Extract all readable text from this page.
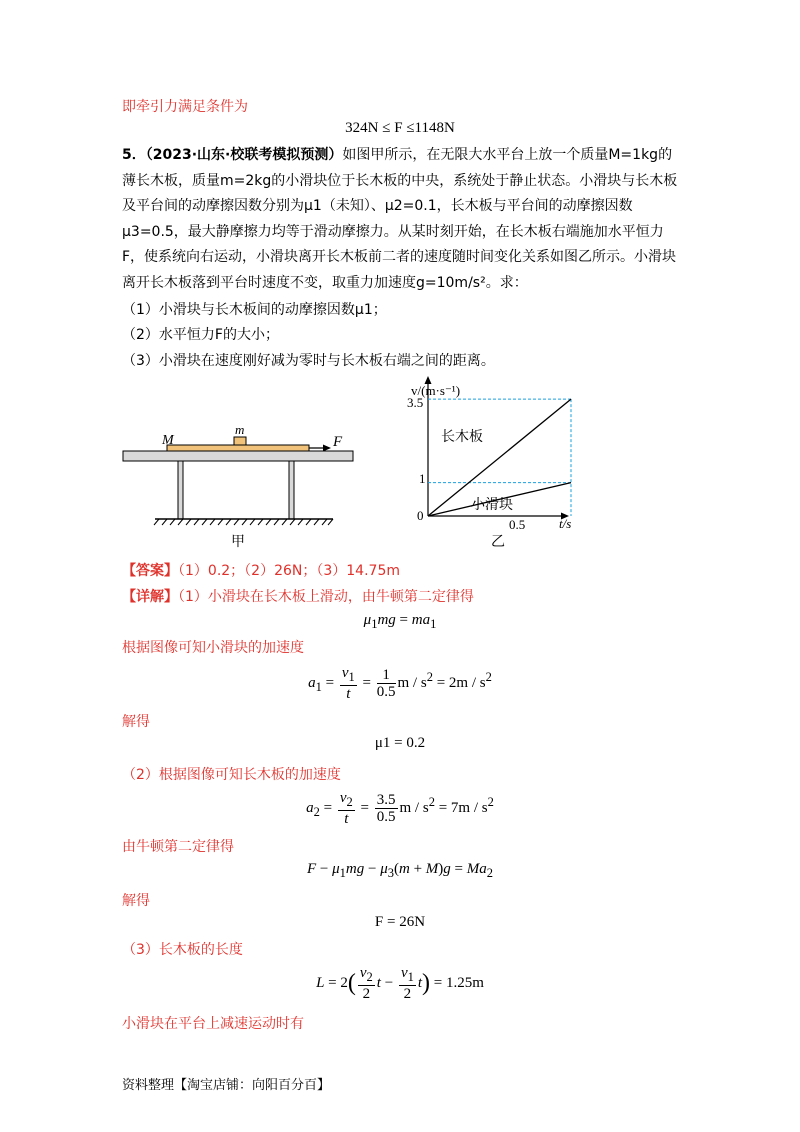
即牵引力满足条件为
324N ≤ F ≤1148N
5．（2023·山东·校联考模拟预测）如图甲所示，在无限大水平台上放一个质量M=1kg的薄长木板，质量m=2kg的小滑块位于长木板的中央，系统处于静止状态。小滑块与长木板及平台间的动摩擦因数分别为μ1（未知）、μ2=0.1，长木板与平台间的动摩擦因数μ3=0.5，最大静摩擦力均等于滑动摩擦力。从某时刻开始，在长木板右端施加水平恒力F，使系统向右运动，小滑块离开长木板前二者的速度随时间变化关系如图乙所示。小滑块离开长木板落到平台时速度不变，取重力加速度g=10m/s²。求：
（1）小滑块与长木板间的动摩擦因数μ1；
（2）水平恒力F的大小；
（3）小滑块在速度刚好减为零时与长木板右端之间的距离。
M
m
F
甲
v/(m·s⁻¹)
t/s
0
3.5
1
0.5
长木板
小滑块
乙
【答案】（1）0.2；（2）26N；（3）14.75m
【详解】（1）小滑块在长木板上滑动，由牛顿第二定律得
$\mu_1mg = ma_1$
根据图像可知小滑块的加速度
$a_1 = \frac{v_1}{t} = \frac{1}{0.5}$ $m / s^2 = 2m / s^2$
解得
μ1 = 0.2
（2）根据图像可知长木板的加速度
$a_2 = \frac{v_2}{t} = \frac{3.5}{0.5}$ $m / s^2 = 7m / s^2$
由牛顿第二定律得
$F - \mu_1mg - \mu_3(m + M)g = Ma_2$
解得
F = 26N
（3）长木板的长度
$L = 2( \frac{v_2}{2}$ $t - \frac{v_1}{2} t) = 1.25m$
小滑块在平台上减速运动时有
资料整理【淘宝店铺：向阳百分百】
